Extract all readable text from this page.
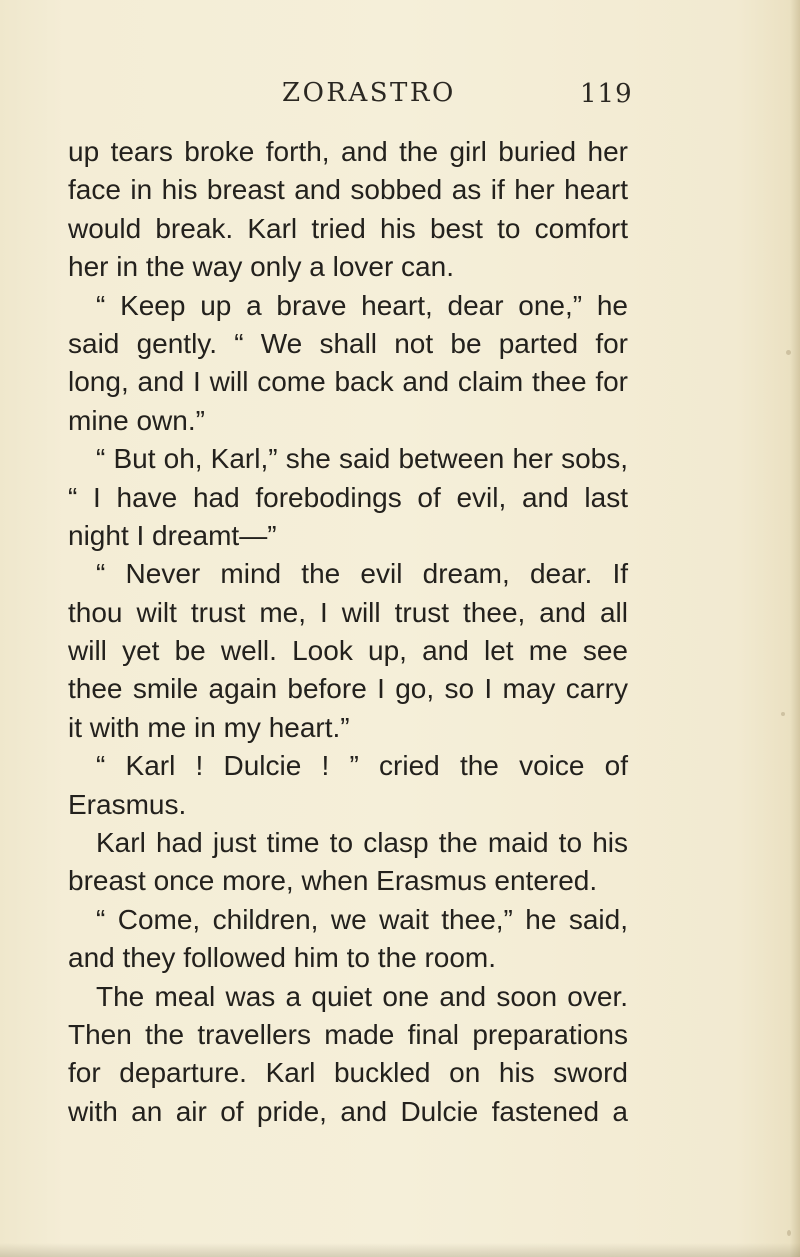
ZORASTRO	119
up tears broke forth, and the girl buried her
face in his breast and sobbed as if her heart
would break. Karl tried his best to comfort
her in the way only a lover can.
“ Keep up a brave heart, dear one,” he
said gently. “ We shall not be parted for
long, and I will come back and claim thee for
mine own.”
“ But oh, Karl,” she said between her sobs,
“ I have had forebodings of evil, and last
night I dreamt—”
“ Never mind the evil dream, dear. If
thou wilt trust me, I will trust thee, and all
will yet be well. Look up, and let me see
thee smile again before I go, so I may carry
it with me in my heart.”
“ Karl ! Dulcie ! ” cried the voice of
Erasmus.
Karl had just time to clasp the maid to his
breast once more, when Erasmus entered.
“ Come, children, we wait thee,” he said,
and they followed him to the room.
The meal was a quiet one and soon over.
Then the travellers made final preparations
for departure. Karl buckled on his sword
with an air of pride, and Dulcie fastened a
